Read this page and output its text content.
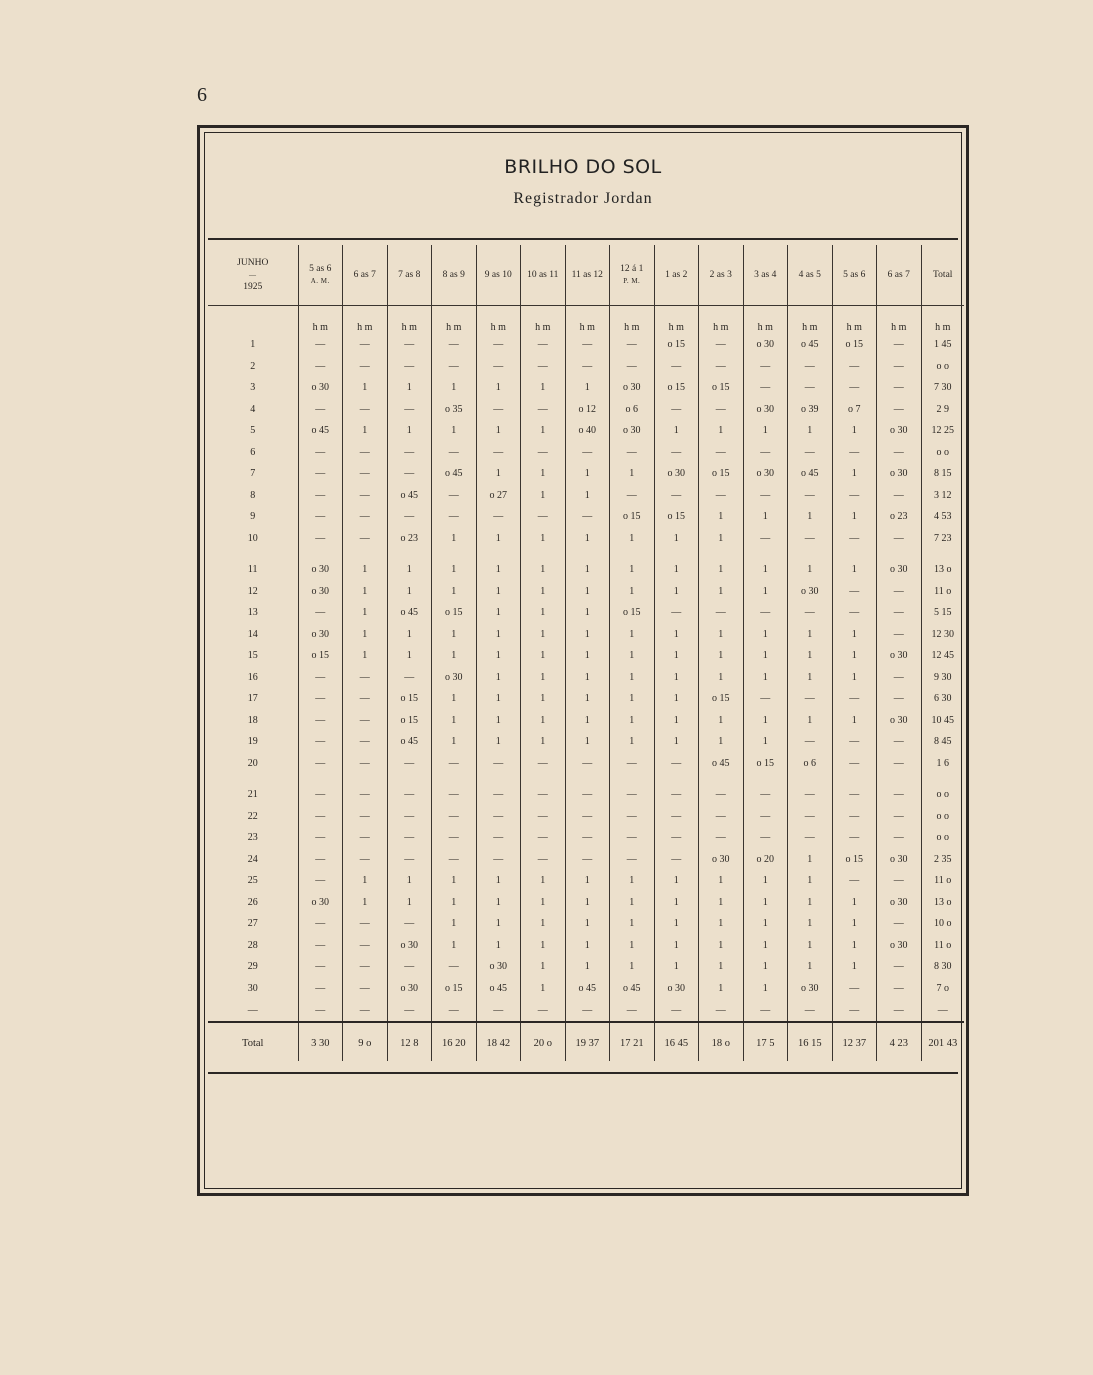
6
BRILHO DO SOL
Registrador Jordan
JUNHO
—
1925	5 as 6
A. M.	6 as 7	7 as 8	8 as 9	9 as 10	10 as 11	11 as 12	12 á 1
P. M.	1 as 2	2 as 3	3 as 4	4 as 5	5 as 6	6 as 7	Total

	h m	h m	h m	h m	h m	h m	h m	h m	h m	h m	h m	h m	h m	h m	h m
1	—	—	—	—	—	—	—	—	o 15	—	o 30	o 45	o 15	—	1 45
2	—	—	—	—	—	—	—	—	—	—	—	—	—	—	o o
3	o 30	1	1	1	1	1	1	o 30	o 15	o 15	—	—	—	—	7 30
4	—	—	—	o 35	—	—	o 12	o 6	—	—	o 30	o 39	o 7	—	2 9
5	o 45	1	1	1	1	1	o 40	o 30	1	1	1	1	1	o 30	12 25
6	—	—	—	—	—	—	—	—	—	—	—	—	—	—	o o
7	—	—	—	o 45	1	1	1	1	o 30	o 15	o 30	o 45	1	o 30	8 15
8	—	—	o 45	—	o 27	1	1	—	—	—	—	—	—	—	3 12
9	—	—	—	—	—	—	—	o 15	o 15	1	1	1	1	o 23	4 53
10	—	—	o 23	1	1	1	1	1	1	1	—	—	—	—	7 23
11	o 30	1	1	1	1	1	1	1	1	1	1	1	1	o 30	13 o
12	o 30	1	1	1	1	1	1	1	1	1	1	o 30	—	—	11 o
13	—	1	o 45	o 15	1	1	1	o 15	—	—	—	—	—	—	5 15
14	o 30	1	1	1	1	1	1	1	1	1	1	1	1	—	12 30
15	o 15	1	1	1	1	1	1	1	1	1	1	1	1	o 30	12 45
16	—	—	—	o 30	1	1	1	1	1	1	1	1	1	—	9 30
17	—	—	o 15	1	1	1	1	1	1	o 15	—	—	—	—	6 30
18	—	—	o 15	1	1	1	1	1	1	1	1	1	1	o 30	10 45
19	—	—	o 45	1	1	1	1	1	1	1	1	—	—	—	8 45
20	—	—	—	—	—	—	—	—	—	o 45	o 15	o 6	—	—	1 6
21	—	—	—	—	—	—	—	—	—	—	—	—	—	—	o o
22	—	—	—	—	—	—	—	—	—	—	—	—	—	—	o o
23	—	—	—	—	—	—	—	—	—	—	—	—	—	—	o o
24	—	—	—	—	—	—	—	—	—	o 30	o 20	1	o 15	o 30	2 35
25	—	1	1	1	1	1	1	1	1	1	1	1	—	—	11 o
26	o 30	1	1	1	1	1	1	1	1	1	1	1	1	o 30	13 o
27	—	—	—	1	1	1	1	1	1	1	1	1	1	—	10 o
28	—	—	o 30	1	1	1	1	1	1	1	1	1	1	o 30	11 o
29	—	—	—	—	o 30	1	1	1	1	1	1	1	1	—	8 30
30	—	—	o 30	o 15	o 45	1	o 45	o 45	o 30	1	1	o 30	—	—	7 o
—	—	—	—	—	—	—	—	—	—	—	—	—	—	—	—

Total	3 30	9 o	12 8	16 20	18 42	20 o	19 37	17 21	16 45	18 o	17 5	16 15	12 37	4 23	201 43
